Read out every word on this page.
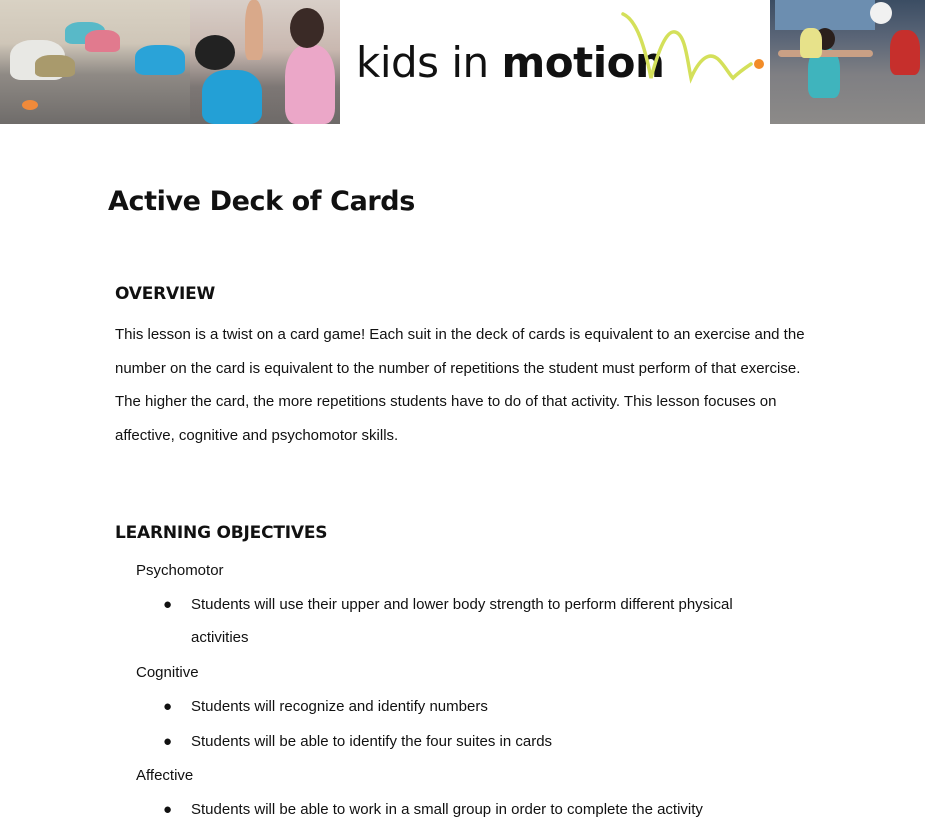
kids in motion
Active Deck of Cards
OVERVIEW

This lesson is a twist on a card game! Each suit in the deck of cards is equivalent to an exercise and the number on the card is equivalent to the number of repetitions the student must perform of that exercise. The higher the card, the more repetitions students have to do of that activity. This lesson focuses on affective, cognitive and psychomotor skills.

LEARNING OBJECTIVES

Psychomotor

● Students will use their upper and lower body strength to perform different physical activities

Cognitive

● Students will recognize and identify numbers
● Students will be able to identify the four suites in cards

Affective

● Students will be able to work in a small group in order to complete the activity
